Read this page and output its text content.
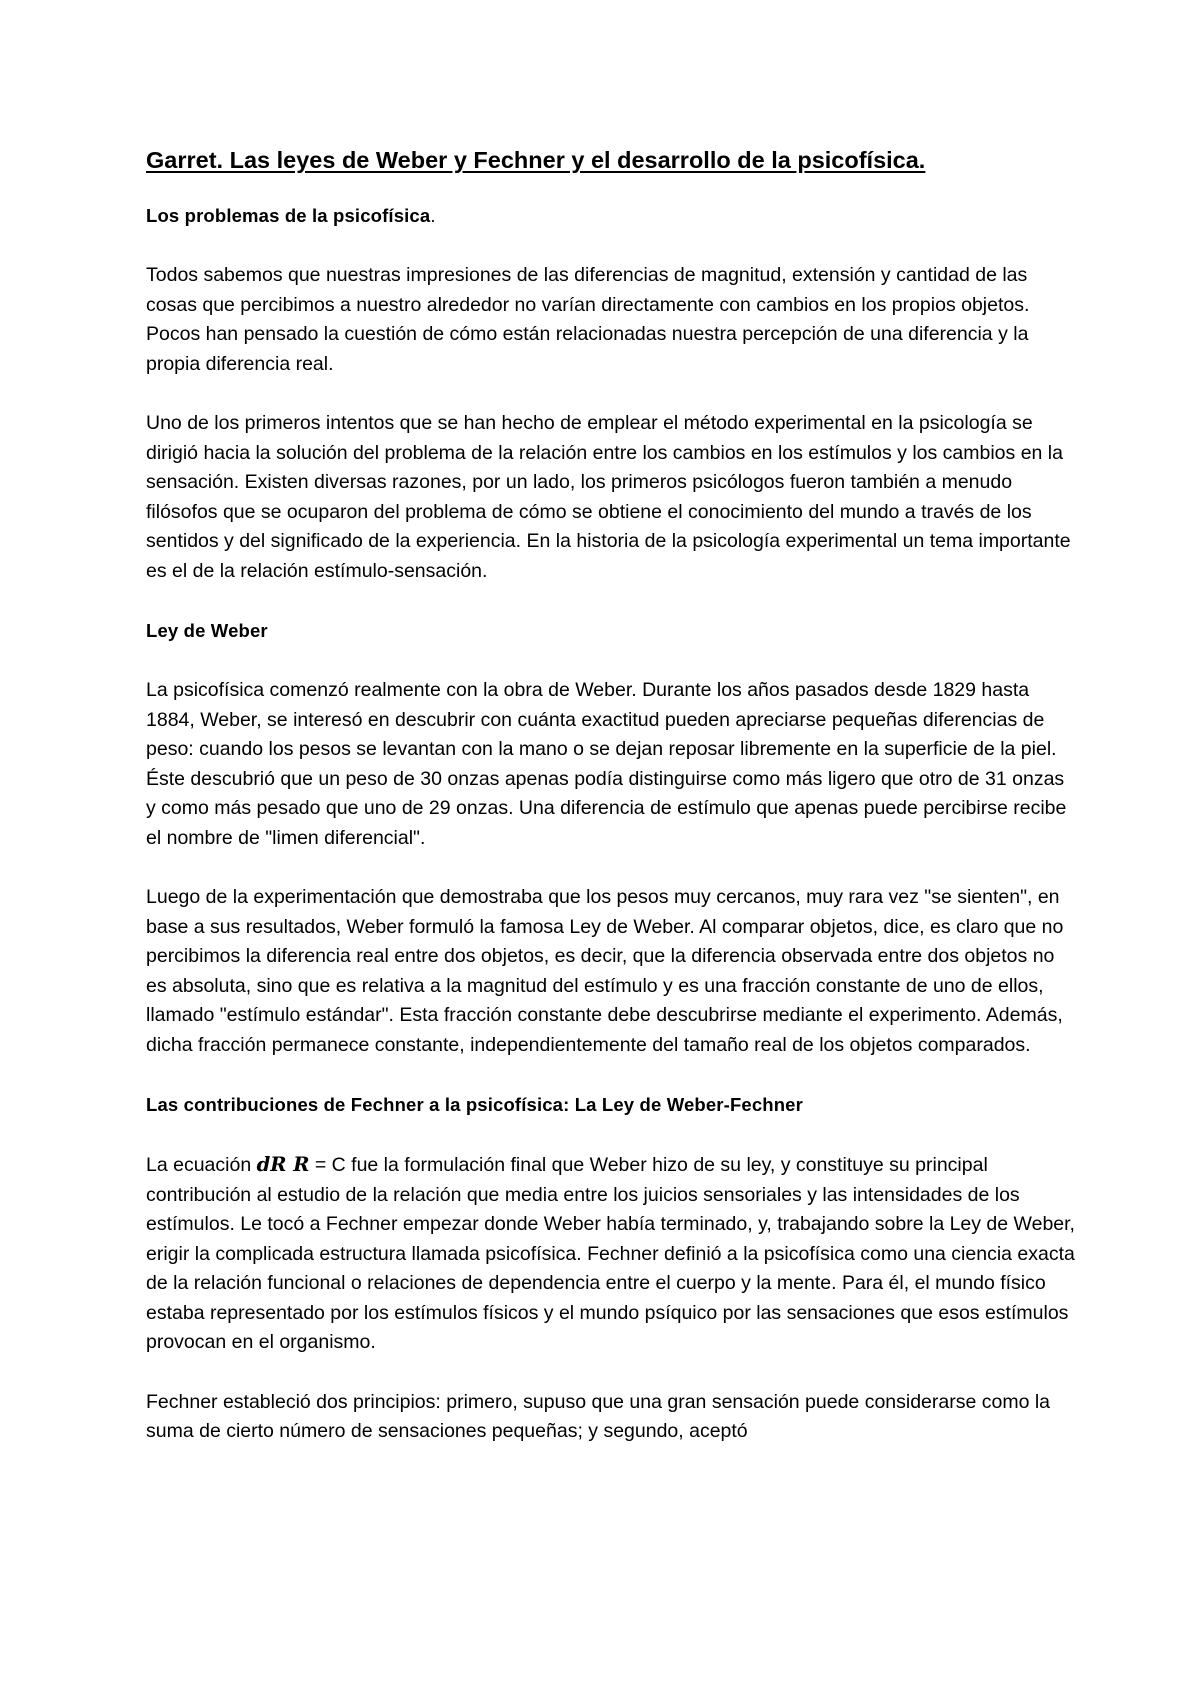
Garret. Las leyes de Weber y Fechner y el desarrollo de la psicofísica.
Los problemas de la psicofísica.

Todos sabemos que nuestras impresiones de las diferencias de magnitud, extensión y cantidad de las cosas que percibimos a nuestro alrededor no varían directamente con cambios en los propios objetos. Pocos han pensado la cuestión de cómo están relacionadas nuestra percepción de una diferencia y la propia diferencia real.

Uno de los primeros intentos que se han hecho de emplear el método experimental en la psicología se dirigió hacia la solución del problema de la relación entre los cambios en los estímulos y los cambios en la sensación. Existen diversas razones, por un lado, los primeros psicólogos fueron también a menudo filósofos que se ocuparon del problema de cómo se obtiene el conocimiento del mundo a través de los sentidos y del significado de la experiencia. En la historia de la psicología experimental un tema importante es el de la relación estímulo-sensación.

Ley de Weber

La psicofísica comenzó realmente con la obra de Weber. Durante los años pasados desde 1829 hasta 1884, Weber, se interesó en descubrir con cuánta exactitud pueden apreciarse pequeñas diferencias de peso: cuando los pesos se levantan con la mano o se dejan reposar libremente en la superficie de la piel. Éste descubrió que un peso de 30 onzas apenas podía distinguirse como más ligero que otro de 31 onzas y como más pesado que uno de 29 onzas. Una diferencia de estímulo que apenas puede percibirse recibe el nombre de "limen diferencial".

Luego de la experimentación que demostraba que los pesos muy cercanos, muy rara vez "se sienten", en base a sus resultados, Weber formuló la famosa Ley de Weber. Al comparar objetos, dice, es claro que no percibimos la diferencia real entre dos objetos, es decir, que la diferencia observada entre dos objetos no es absoluta, sino que es relativa a la magnitud del estímulo y es una fracción constante de uno de ellos, llamado "estímulo estándar". Esta fracción constante debe descubrirse mediante el experimento. Además, dicha fracción permanece constante, independientemente del tamaño real de los objetos comparados.

Las contribuciones de Fechner a la psicofísica: La Ley de Weber-Fechner

La ecuación dR R = C fue la formulación final que Weber hizo de su ley, y constituye su principal contribución al estudio de la relación que media entre los juicios sensoriales y las intensidades de los estímulos. Le tocó a Fechner empezar donde Weber había terminado, y, trabajando sobre la Ley de Weber, erigir la complicada estructura llamada psicofísica. Fechner definió a la psicofísica como una ciencia exacta de la relación funcional o relaciones de dependencia entre el cuerpo y la mente. Para él, el mundo físico estaba representado por los estímulos físicos y el mundo psíquico por las sensaciones que esos estímulos provocan en el organismo.

Fechner estableció dos principios: primero, supuso que una gran sensación puede considerarse como la suma de cierto número de sensaciones pequeñas; y segundo, aceptó
